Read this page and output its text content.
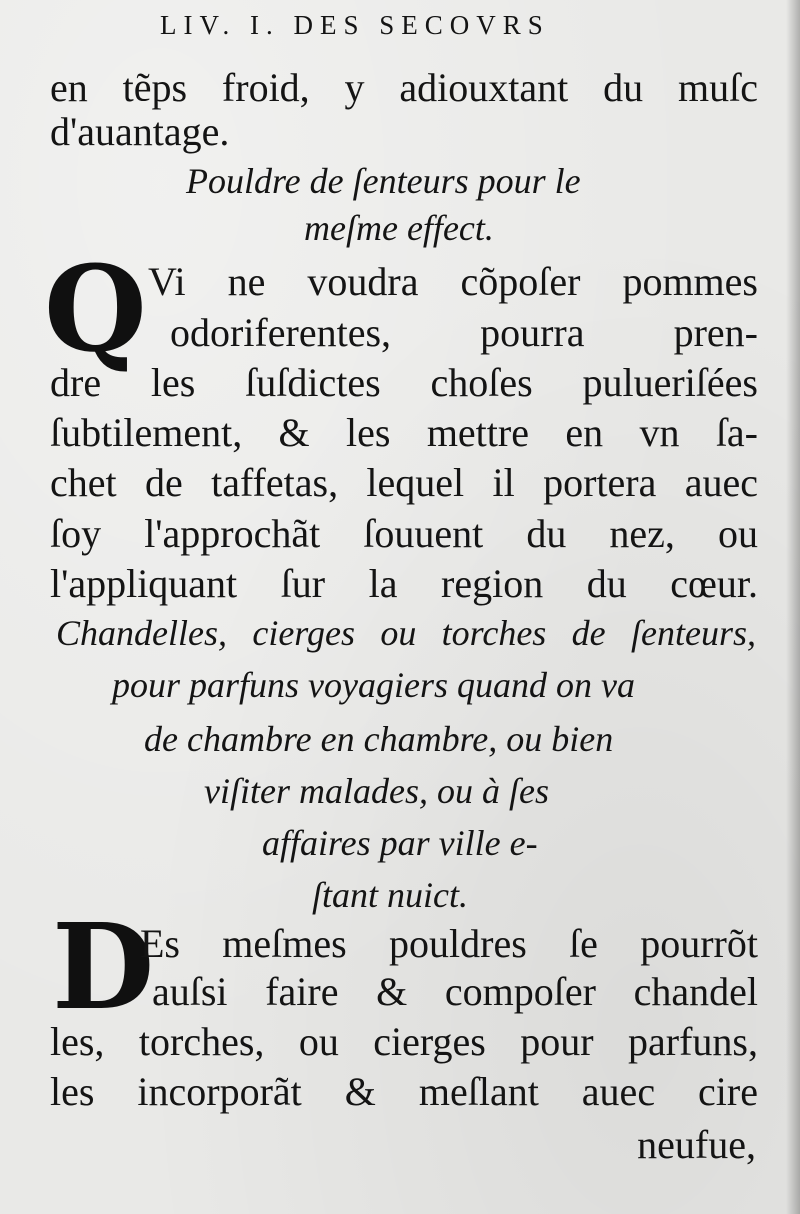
LIV. I. DES SECOVRS
en tẽps froid, y adiouxtant du muſc
d'auantage.
Pouldre de ſenteurs pour le
meſme effect.
Q Vi ne voudra cõpoſer pommes
odoriferentes, pourra pren-
dre les ſuſdictes choſes pulueriſées
ſubtilement, & les mettre en vn ſa-
chet de taffetas, lequel il portera auec
ſoy l'approchãt ſouuent du nez, ou
l'appliquant ſur la region du cœur.
Chandelles, cierges ou torches de ſenteurs,
pour parfuns voyagiers quand on va
de chambre en chambre, ou bien
viſiter malades, ou à ſes
affaires par ville e-
ſtant nuict.
D
Es meſmes pouldres ſe pourrõt
auſsi faire & compoſer chandel
les, torches, ou cierges pour parfuns,
les incorporãt & meſlant auec cire
neufue,
